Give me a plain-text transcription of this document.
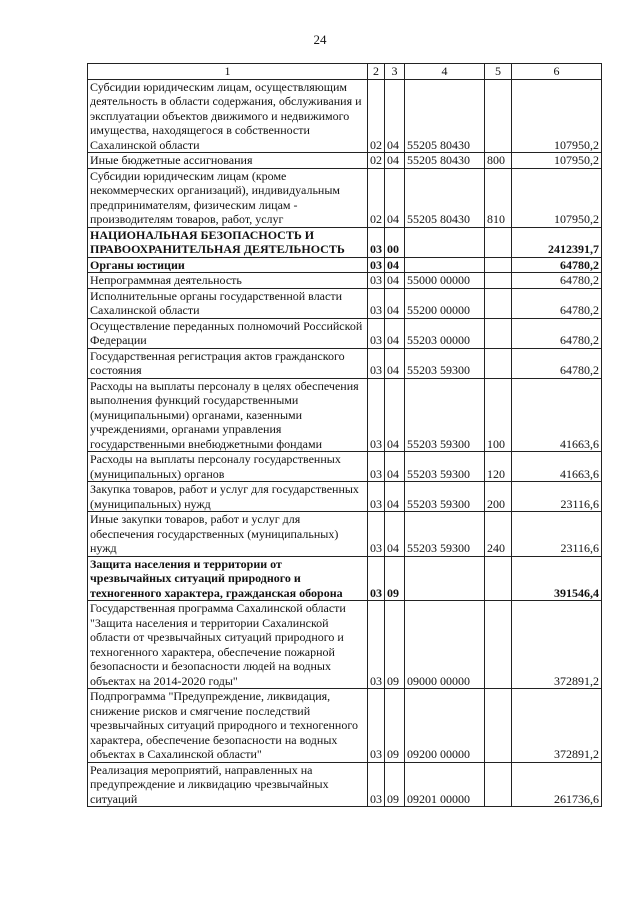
24
1	2	3	4	5	6
Субсидии юридическим лицам, осуществляющим деятельность в области содержания, обслуживания и эксплуатации объектов движимого и недвижимого имущества, находящегося в собственности Сахалинской области	02	04	55205 80430		107950,2
Иные бюджетные ассигнования	02	04	55205 80430	800	107950,2
Субсидии юридическим лицам (кроме некоммерческих организаций), индивидуальным предпринимателям, физическим лицам - производителям товаров, работ, услуг	02	04	55205 80430	810	107950,2
НАЦИОНАЛЬНАЯ БЕЗОПАСНОСТЬ И ПРАВООХРАНИТЕЛЬНАЯ ДЕЯТЕЛЬНОСТЬ	03	00			2412391,7
Органы юстиции	03	04			64780,2
Непрограммная деятельность	03	04	55000 00000		64780,2
Исполнительные органы государственной власти Сахалинской области	03	04	55200 00000		64780,2
Осуществление переданных полномочий Российской Федерации	03	04	55203 00000		64780,2
Государственная регистрация актов гражданского состояния	03	04	55203 59300		64780,2
Расходы на выплаты персоналу в целях обеспечения выполнения функций государственными (муниципальными) органами, казенными учреждениями, органами управления государственными внебюджетными фондами	03	04	55203 59300	100	41663,6
Расходы на выплаты персоналу государственных (муниципальных) органов	03	04	55203 59300	120	41663,6
Закупка товаров, работ и услуг для государственных (муниципальных) нужд	03	04	55203 59300	200	23116,6
Иные закупки товаров, работ и услуг для обеспечения государственных (муниципальных) нужд	03	04	55203 59300	240	23116,6
Защита населения и территории от чрезвычайных ситуаций природного и техногенного характера, гражданская оборона	03	09			391546,4
Государственная программа Сахалинской области "Защита населения и территории Сахалинской области от чрезвычайных ситуаций природного и техногенного характера, обеспечение пожарной безопасности и безопасности людей на водных объектах на 2014-2020 годы"	03	09	09000 00000		372891,2
Подпрограмма "Предупреждение, ликвидация, снижение рисков и смягчение последствий чрезвычайных ситуаций природного и техногенного характера, обеспечение безопасности на водных объектах в Сахалинской области"	03	09	09200 00000		372891,2
Реализация мероприятий, направленных на предупреждение и ликвидацию чрезвычайных ситуаций	03	09	09201 00000		261736,6
